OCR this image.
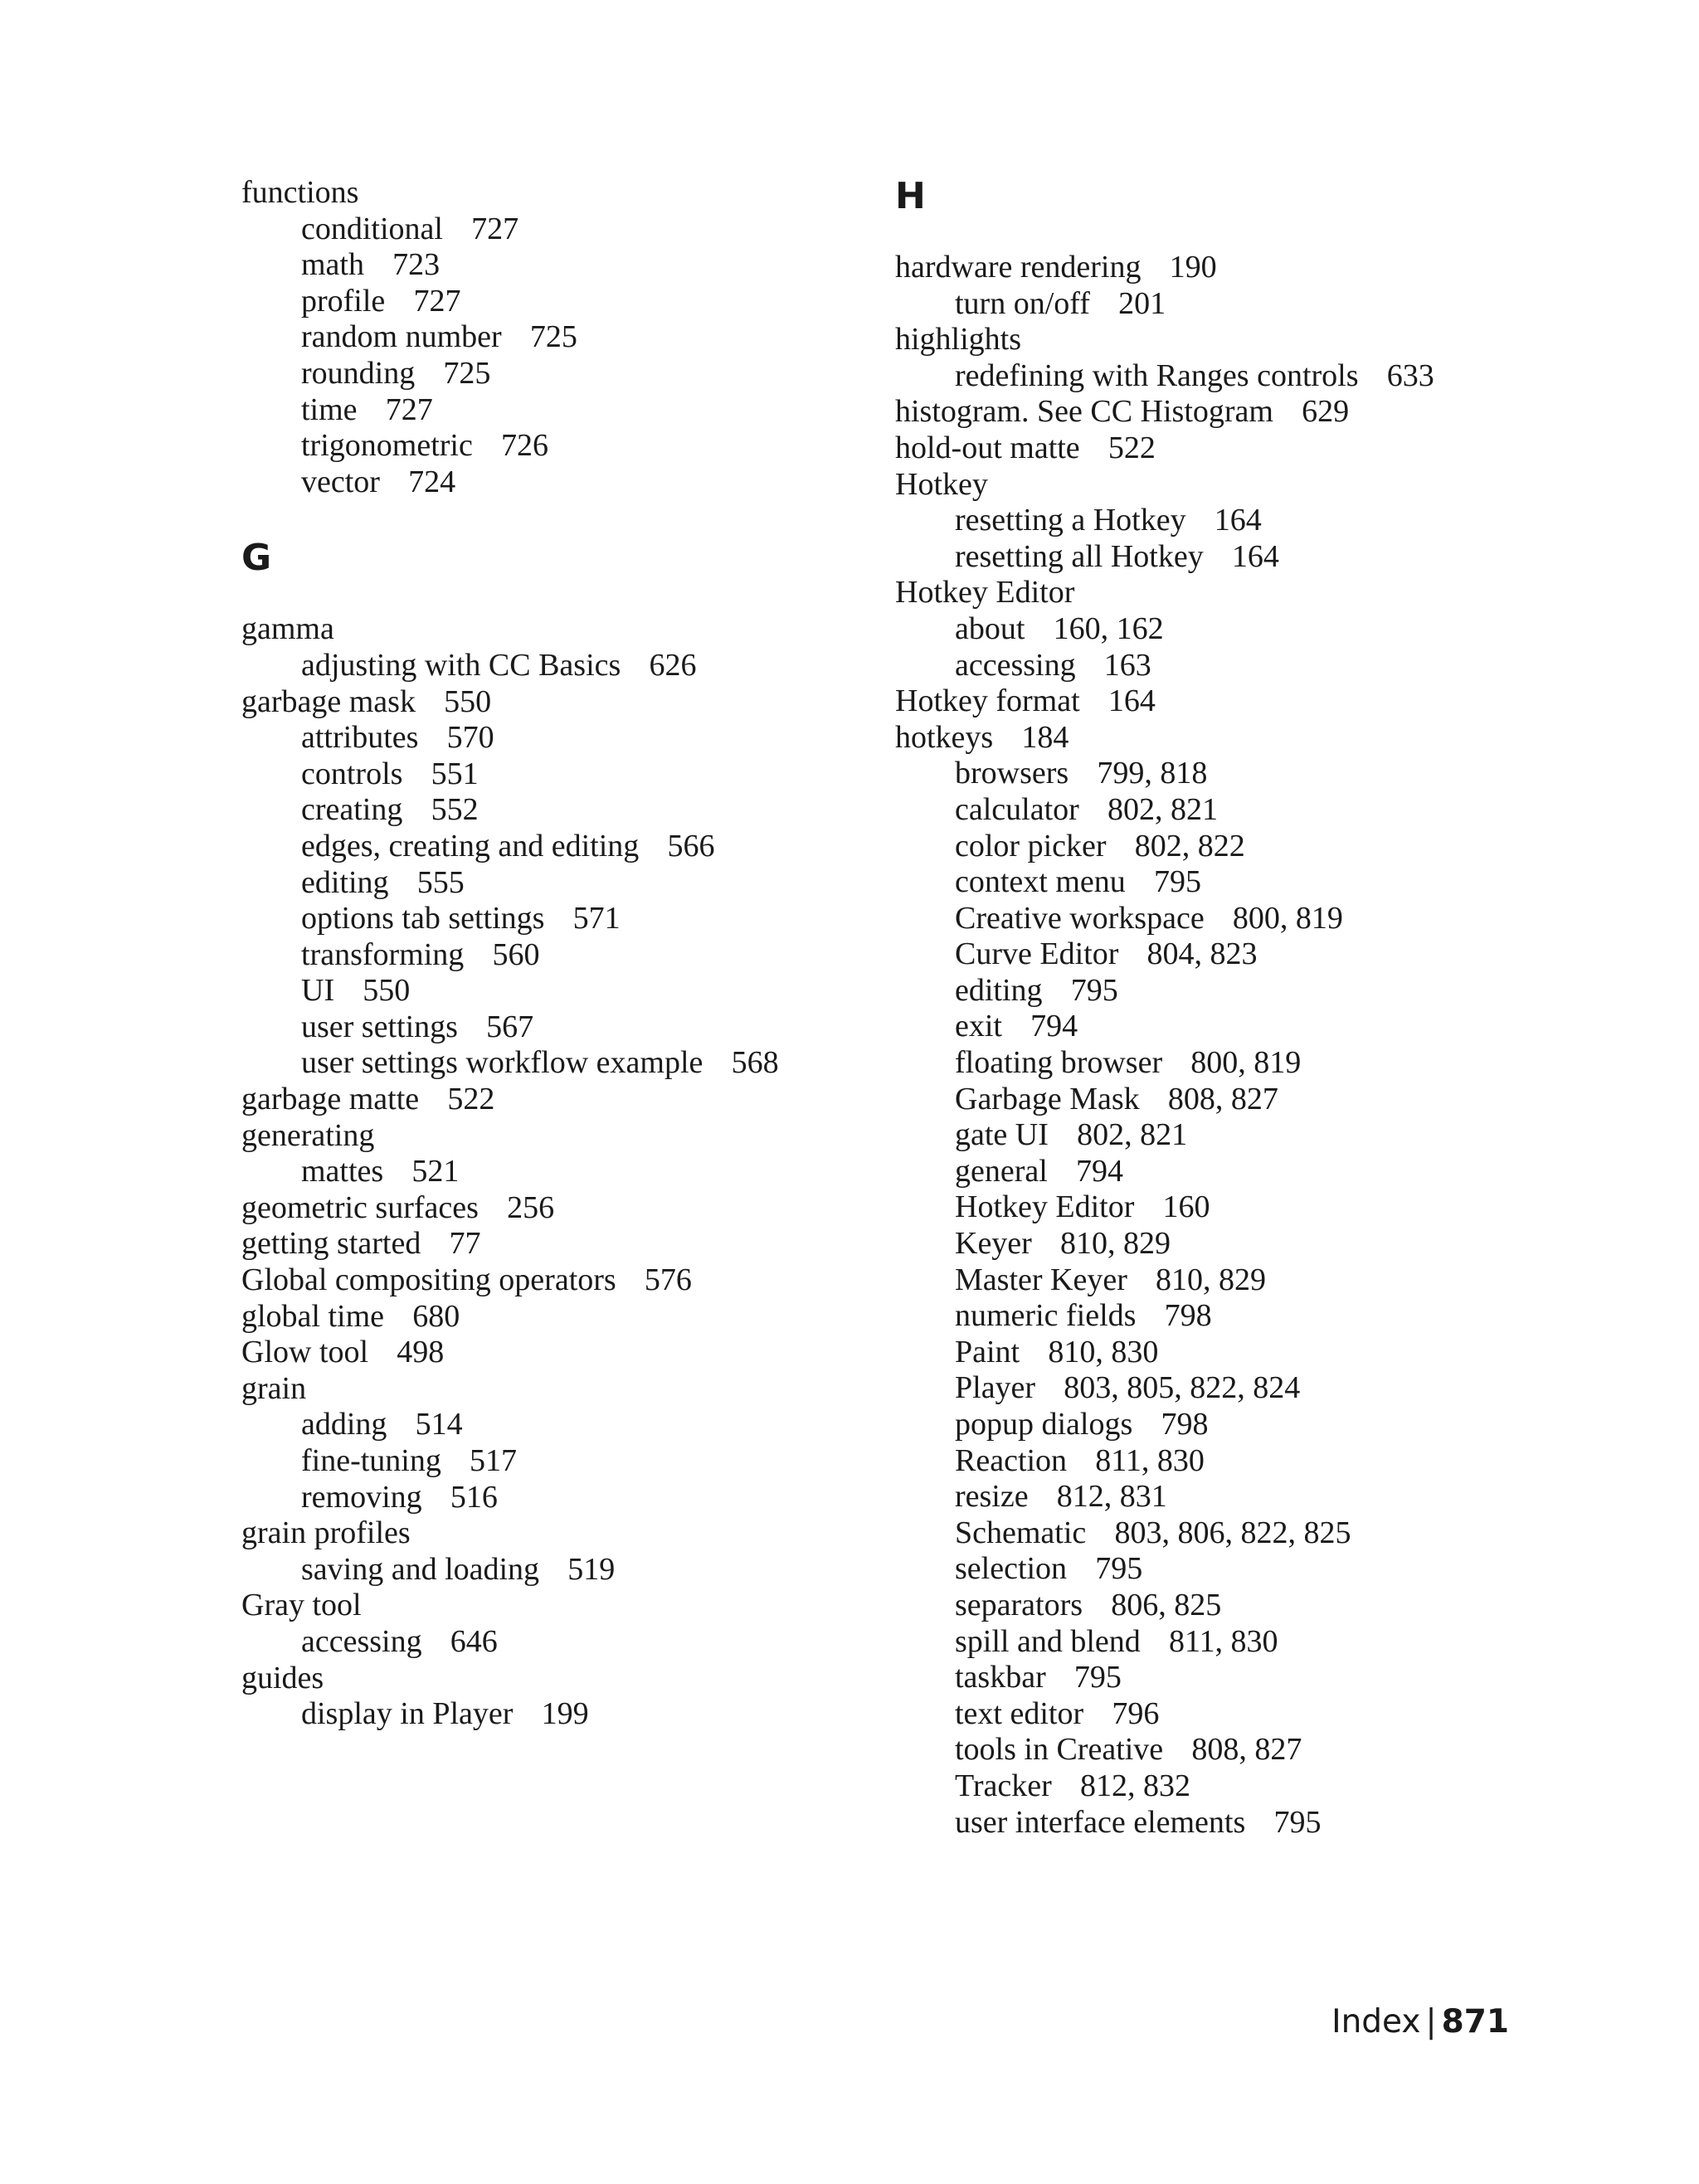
functions
conditional 727
math 723
profile 727
random number 725
rounding 725
time 727
trigonometric 726
vector 724
G
gamma
adjusting with CC Basics 626
garbage mask 550
attributes 570
controls 551
creating 552
edges, creating and editing 566
editing 555
options tab settings 571
transforming 560
UI 550
user settings 567
user settings workflow example 568
garbage matte 522
generating
mattes 521
geometric surfaces 256
getting started 77
Global compositing operators 576
global time 680
Glow tool 498
grain
adding 514
fine-tuning 517
removing 516
grain profiles
saving and loading 519
Gray tool
accessing 646
guides
display in Player 199
H
hardware rendering 190
turn on/off 201
highlights
redefining with Ranges controls 633
histogram. See CC Histogram 629
hold-out matte 522
Hotkey
resetting a Hotkey 164
resetting all Hotkey 164
Hotkey Editor
about 160, 162
accessing 163
Hotkey format 164
hotkeys 184
browsers 799, 818
calculator 802, 821
color picker 802, 822
context menu 795
Creative workspace 800, 819
Curve Editor 804, 823
editing 795
exit 794
floating browser 800, 819
Garbage Mask 808, 827
gate UI 802, 821
general 794
Hotkey Editor 160
Keyer 810, 829
Master Keyer 810, 829
numeric fields 798
Paint 810, 830
Player 803, 805, 822, 824
popup dialogs 798
Reaction 811, 830
resize 812, 831
Schematic 803, 806, 822, 825
selection 795
separators 806, 825
spill and blend 811, 830
taskbar 795
text editor 796
tools in Creative 808, 827
Tracker 812, 832
user interface elements 795
Index | 871
